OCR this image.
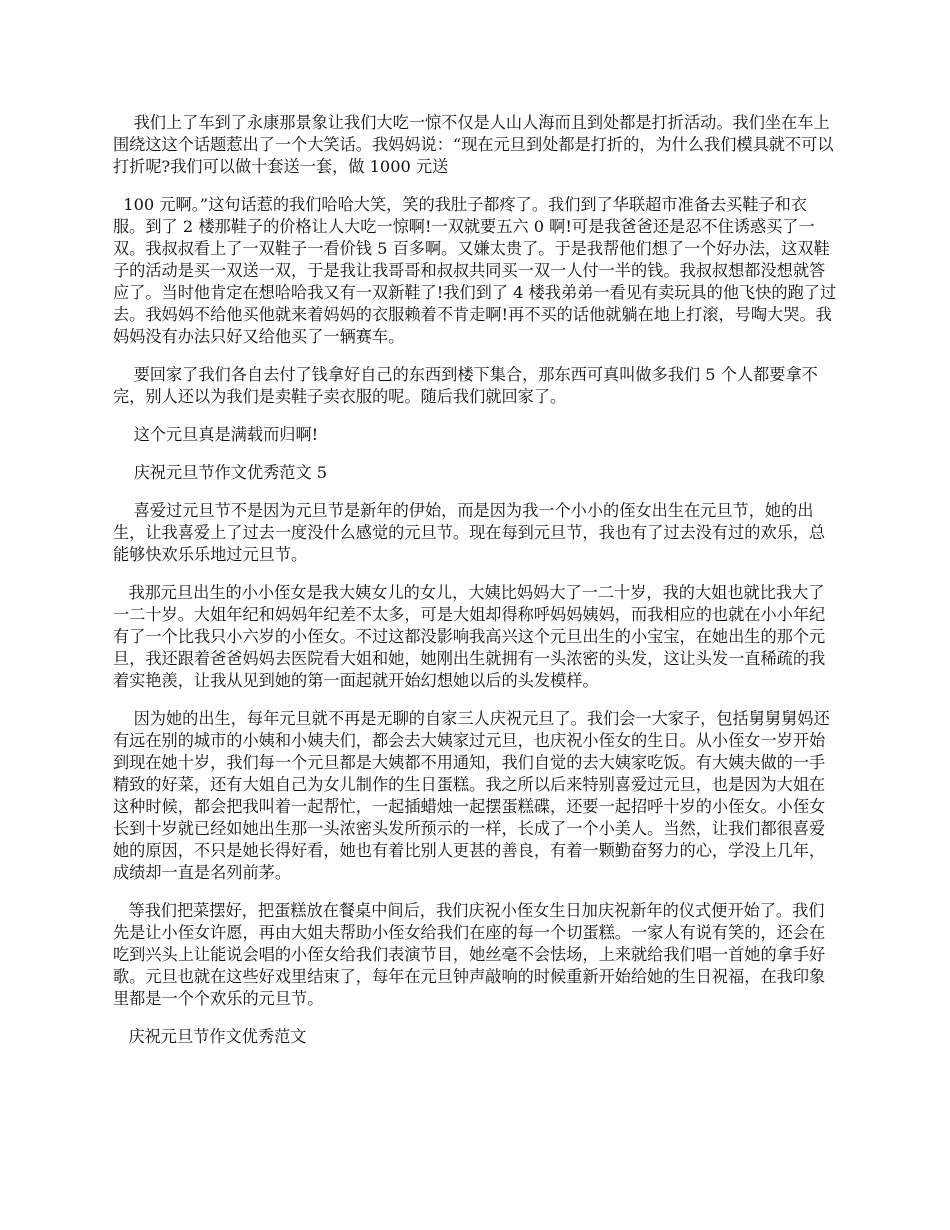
我们上了车到了永康那景象让我们大吃一惊不仅是人山人海而且到处都是打折活动。我们坐在车上围绕这这个话题惹出了一个大笑话。我妈妈说：“现在元旦到处都是打折的，为什么我们模具就不可以打折呢?我们可以做十套送一套，做 1000 元送

100 元啊。”这句话惹的我们哈哈大笑，笑的我肚子都疼了。我们到了华联超市准备去买鞋子和衣服。到了 2 楼那鞋子的价格让人大吃一惊啊!一双就要五六 0 啊!可是我爸爸还是忍不住诱惑买了一双。我叔叔看上了一双鞋子一看价钱 5 百多啊。又嫌太贵了。于是我帮他们想了一个好办法，这双鞋子的活动是买一双送一双，于是我让我哥哥和叔叔共同买一双一人付一半的钱。我叔叔想都没想就答应了。当时他肯定在想哈哈我又有一双新鞋了!我们到了 4 楼我弟弟一看见有卖玩具的他飞快的跑了过去。我妈妈不给他买他就来着妈妈的衣服赖着不肯走啊!再不买的话他就躺在地上打滚，号啕大哭。我妈妈没有办法只好又给他买了一辆赛车。

要回家了我们各自去付了钱拿好自己的东西到楼下集合，那东西可真叫做多我们 5 个人都要拿不完，别人还以为我们是卖鞋子卖衣服的呢。随后我们就回家了。

这个元旦真是满载而归啊!

庆祝元旦节作文优秀范文 5

喜爱过元旦节不是因为元旦节是新年的伊始，而是因为我一个小小的侄女出生在元旦节，她的出生，让我喜爱上了过去一度没什么感觉的元旦节。现在每到元旦节，我也有了过去没有过的欢乐，总能够快欢乐乐地过元旦节。

我那元旦出生的小小侄女是我大姨女儿的女儿，大姨比妈妈大了一二十岁，我的大姐也就比我大了一二十岁。大姐年纪和妈妈年纪差不太多，可是大姐却得称呼妈妈姨妈，而我相应的也就在小小年纪有了一个比我只小六岁的小侄女。不过这都没影响我高兴这个元旦出生的小宝宝，在她出生的那个元旦，我还跟着爸爸妈妈去医院看大姐和她，她刚出生就拥有一头浓密的头发，这让头发一直稀疏的我着实艳羡，让我从见到她的第一面起就开始幻想她以后的头发模样。

因为她的出生，每年元旦就不再是无聊的自家三人庆祝元旦了。我们会一大家子，包括舅舅舅妈还有远在别的城市的小姨和小姨夫们，都会去大姨家过元旦，也庆祝小侄女的生日。从小侄女一岁开始到现在她十岁，我们每一个元旦都是大姨都不用通知，我们自觉的去大姨家吃饭。有大姨夫做的一手精致的好菜，还有大姐自己为女儿制作的生日蛋糕。我之所以后来特别喜爱过元旦，也是因为大姐在这种时候，都会把我叫着一起帮忙，一起插蜡烛一起摆蛋糕碟，还要一起招呼十岁的小侄女。小侄女长到十岁就已经如她出生那一头浓密头发所预示的一样，长成了一个小美人。当然，让我们都很喜爱她的原因，不只是她长得好看，她也有着比别人更甚的善良，有着一颗勤奋努力的心，学没上几年，成绩却一直是名列前茅。

等我们把菜摆好，把蛋糕放在餐桌中间后，我们庆祝小侄女生日加庆祝新年的仪式便开始了。我们先是让小侄女许愿，再由大姐夫帮助小侄女给我们在座的每一个切蛋糕。一家人有说有笑的，还会在吃到兴头上让能说会唱的小侄女给我们表演节目，她丝毫不会怯场，上来就给我们唱一首她的拿手好歌。元旦也就在这些好戏里结束了，每年在元旦钟声敲响的时候重新开始给她的生日祝福，在我印象里都是一个个欢乐的元旦节。

庆祝元旦节作文优秀范文
